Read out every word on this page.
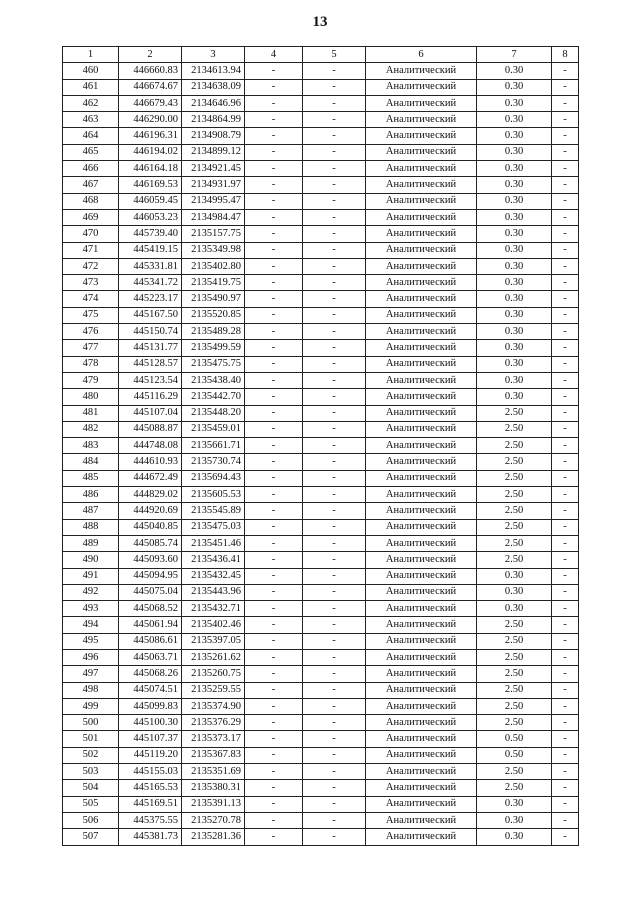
13
1	2	3	4	5	6	7	8
460	446660.83	2134613.94	-	-	Аналитический	0.30	-
461	446674.67	2134638.09	-	-	Аналитический	0.30	-
462	446679.43	2134646.96	-	-	Аналитический	0.30	-
463	446290.00	2134864.99	-	-	Аналитический	0.30	-
464	446196.31	2134908.79	-	-	Аналитический	0.30	-
465	446194.02	2134899.12	-	-	Аналитический	0.30	-
466	446164.18	2134921.45	-	-	Аналитический	0.30	-
467	446169.53	2134931.97	-	-	Аналитический	0.30	-
468	446059.45	2134995.47	-	-	Аналитический	0.30	-
469	446053.23	2134984.47	-	-	Аналитический	0.30	-
470	445739.40	2135157.75	-	-	Аналитический	0.30	-
471	445419.15	2135349.98	-	-	Аналитический	0.30	-
472	445331.81	2135402.80	-	-	Аналитический	0.30	-
473	445341.72	2135419.75	-	-	Аналитический	0.30	-
474	445223.17	2135490.97	-	-	Аналитический	0.30	-
475	445167.50	2135520.85	-	-	Аналитический	0.30	-
476	445150.74	2135489.28	-	-	Аналитический	0.30	-
477	445131.77	2135499.59	-	-	Аналитический	0.30	-
478	445128.57	2135475.75	-	-	Аналитический	0.30	-
479	445123.54	2135438.40	-	-	Аналитический	0.30	-
480	445116.29	2135442.70	-	-	Аналитический	0.30	-
481	445107.04	2135448.20	-	-	Аналитический	2.50	-
482	445088.87	2135459.01	-	-	Аналитический	2.50	-
483	444748.08	2135661.71	-	-	Аналитический	2.50	-
484	444610.93	2135730.74	-	-	Аналитический	2.50	-
485	444672.49	2135694.43	-	-	Аналитический	2.50	-
486	444829.02	2135605.53	-	-	Аналитический	2.50	-
487	444920.69	2135545.89	-	-	Аналитический	2.50	-
488	445040.85	2135475.03	-	-	Аналитический	2.50	-
489	445085.74	2135451.46	-	-	Аналитический	2.50	-
490	445093.60	2135436.41	-	-	Аналитический	2.50	-
491	445094.95	2135432.45	-	-	Аналитический	0.30	-
492	445075.04	2135443.96	-	-	Аналитический	0.30	-
493	445068.52	2135432.71	-	-	Аналитический	0.30	-
494	445061.94	2135402.46	-	-	Аналитический	2.50	-
495	445086.61	2135397.05	-	-	Аналитический	2.50	-
496	445063.71	2135261.62	-	-	Аналитический	2.50	-
497	445068.26	2135260.75	-	-	Аналитический	2.50	-
498	445074.51	2135259.55	-	-	Аналитический	2.50	-
499	445099.83	2135374.90	-	-	Аналитический	2.50	-
500	445100.30	2135376.29	-	-	Аналитический	2.50	-
501	445107.37	2135373.17	-	-	Аналитический	0.50	-
502	445119.20	2135367.83	-	-	Аналитический	0.50	-
503	445155.03	2135351.69	-	-	Аналитический	2.50	-
504	445165.53	2135380.31	-	-	Аналитический	2.50	-
505	445169.51	2135391.13	-	-	Аналитический	0.30	-
506	445375.55	2135270.78	-	-	Аналитический	0.30	-
507	445381.73	2135281.36	-	-	Аналитический	0.30	-
